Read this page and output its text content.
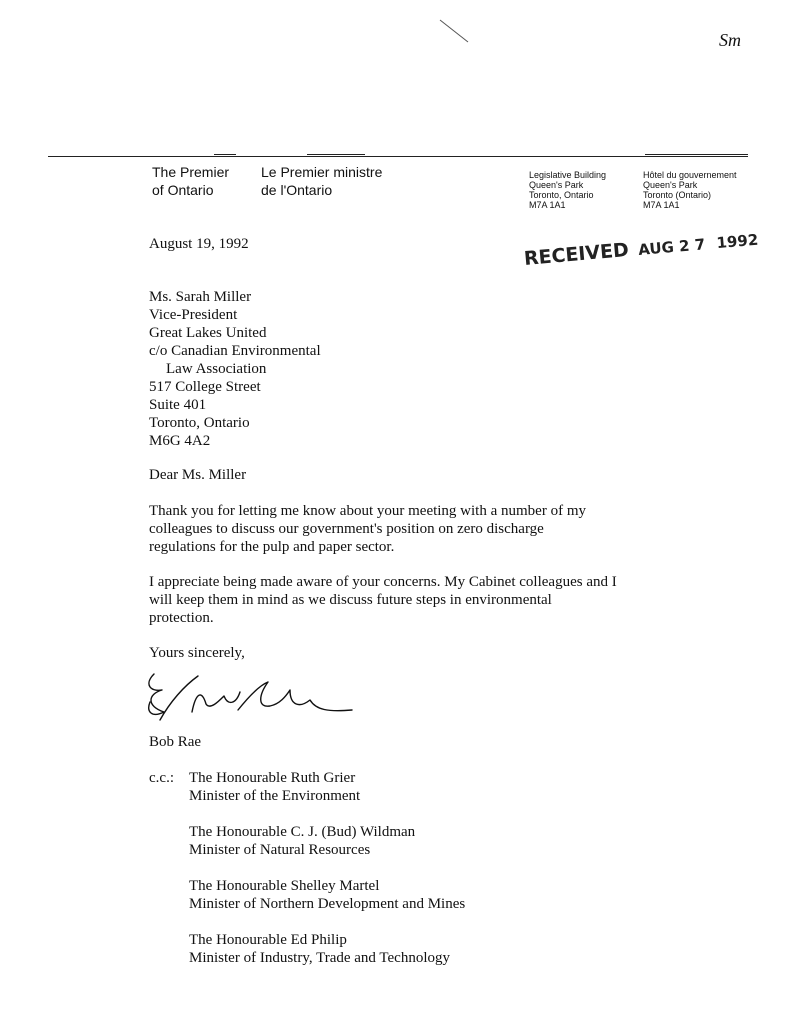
Sm
The Premier
of Ontario
Le Premier ministre
de l'Ontario
Legislative Building
Queen's Park
Toronto, Ontario
M7A 1A1
Hôtel du gouvernement
Queen's Park
Toronto (Ontario)
M7A 1A1
August 19, 1992	RECEIVED AUG 2 7 1992
Ms. Sarah Miller
Vice-President
Great Lakes United
c/o Canadian Environmental
Law Association
517 College Street
Suite 401
Toronto, Ontario
M6G 4A2
Dear Ms. Miller
Thank you for letting me know about your meeting with a number of my
colleagues to discuss our government's position on zero discharge
regulations for the pulp and paper sector.
I appreciate being made aware of your concerns. My Cabinet colleagues and I
will keep them in mind as we discuss future steps in environmental
protection.
Yours sincerely,
Bob Rae
c.c.: The Honourable Ruth Grier
Minister of the Environment
The Honourable C. J. (Bud) Wildman
Minister of Natural Resources
The Honourable Shelley Martel
Minister of Northern Development and Mines
The Honourable Ed Philip
Minister of Industry, Trade and Technology
